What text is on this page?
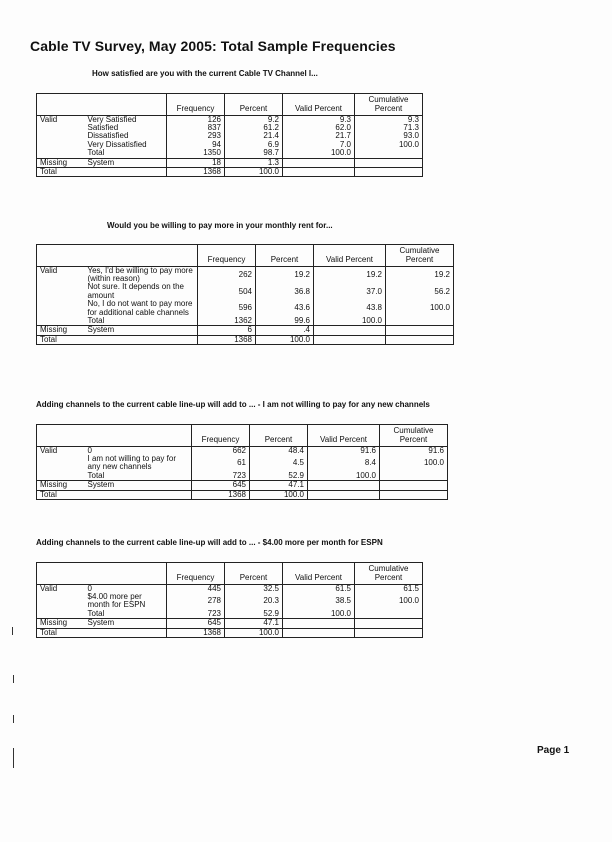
Cable TV Survey, May 2005: Total Sample Frequencies
How satisfied are you with the current Cable TV Channel l...
		Frequency	Percent	Valid Percent	Cumulative Percent
Valid	Very Satisfied	126	9.2	9.3	9.3
	Satisfied	837	61.2	62.0	71.3
	Dissatisfied	293	21.4	21.7	93.0
	Very Dissatisfied	94	6.9	7.0	100.0
	Total	1350	98.7	100.0	
Missing	System	18	1.3		
Total		1368	100.0		
Would you be willing to pay more in your monthly rent for...
		Frequency	Percent	Valid Percent	Cumulative Percent
Valid	Yes, I'd be willing to pay more (within reason)	262	19.2	19.2	19.2
	Not sure. It depends on the amount	504	36.8	37.0	56.2
	No, I do not want to pay more for additional cable channels	596	43.6	43.8	100.0
	Total	1362	99.6	100.0	
Missing	System	6	.4		
Total		1368	100.0		
Adding channels to the current cable line-up will add to ... - I am not willing to pay for any new channels
		Frequency	Percent	Valid Percent	Cumulative Percent
Valid	0	662	48.4	91.6	91.6
	I am not willing to pay for any new channels	61	4.5	8.4	100.0
	Total	723	52.9	100.0	
Missing	System	645	47.1		
Total		1368	100.0		
Adding channels to the current cable line-up will add to ... - $4.00 more per month for ESPN
		Frequency	Percent	Valid Percent	Cumulative Percent
Valid	0	445	32.5	61.5	61.5
	$4.00 more per month for ESPN	278	20.3	38.5	100.0
	Total	723	52.9	100.0	
Missing	System	645	47.1		
Total		1368	100.0		
Page 1
